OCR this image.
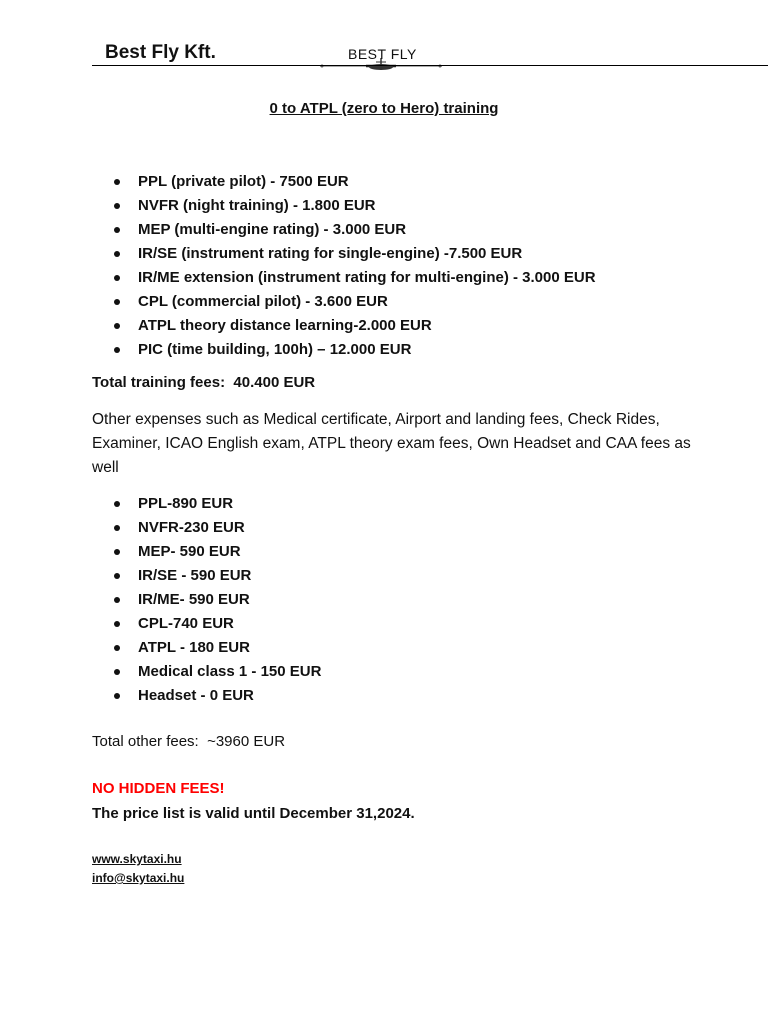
Best Fly Kft.	BEST FLY
0 to ATPL (zero to Hero) training
PPL (private pilot) - 7500 EUR
NVFR (night training) - 1.800 EUR
MEP (multi-engine rating) - 3.000 EUR
IR/SE (instrument rating for single-engine) -7.500 EUR
IR/ME extension (instrument rating for multi-engine) - 3.000 EUR
CPL (commercial pilot) - 3.600 EUR
ATPL theory distance learning-2.000 EUR
PIC (time building, 100h) – 12.000 EUR

Total training fees:  40.400 EUR

Other expenses such as Medical certificate, Airport and landing fees, Check Rides, Examiner, ICAO English exam, ATPL theory exam fees, Own Headset and CAA fees as well

PPL-890 EUR
NVFR-230 EUR
MEP- 590 EUR
IR/SE - 590 EUR
IR/ME- 590 EUR
CPL-740 EUR
ATPL - 180 EUR
Medical class 1 - 150 EUR
Headset - 0 EUR

Total other fees:  ~3960 EUR

NO HIDDEN FEES!

The price list is valid until December 31,2024.

www.skytaxi.hu
info@skytaxi.hu
